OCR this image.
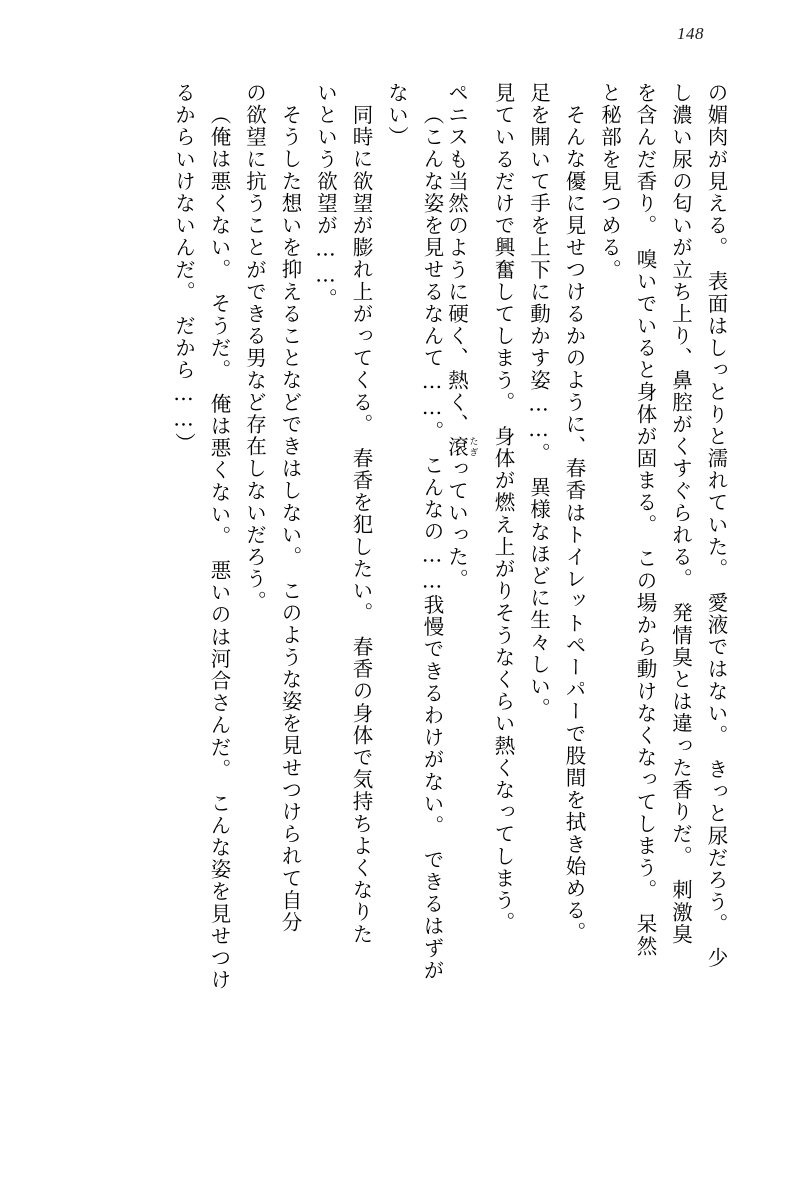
148
の媚肉が見える。　表面はしっとりと濡れていた。　愛液ではない。　きっと尿だろう。　少
し濃い尿の匂いが立ち上り、鼻腔がくすぐられる。　発情臭とは違った香りだ。　刺激臭
を含んだ香り。　嗅いでいると身体が固まる。　この場から動けなくなってしまう。　呆然
と秘部を見つめる。
そんな優に見せつけるかのように、春香はトイレットペーパーで股間を拭き始める。
足を開いて手を上下に動かす姿……。　異様なほどに生々しい。
見ているだけで興奮してしまう。　身体が燃え上がりそうなくらい熱くなってしまう。
ペニスも当然のように硬く、熱く、滾 たぎっていった。
（こんな姿を見せるなんて……。　こんなの……我慢できるわけがない。　できるはずが
ない）
同時に欲望が膨れ上がってくる。　春香を犯したい。　春香の身体で気持ちよくなりた
いという欲望が……。
そうした想いを抑えることなどできはしない。　このような姿を見せつけられて自分
の欲望に抗うことができる男など存在しないだろう。
（俺は悪くない。　そうだ。　俺は悪くない。　悪いのは河合さんだ。　こんな姿を見せつけ
るからいけないんだ。　だから……）
